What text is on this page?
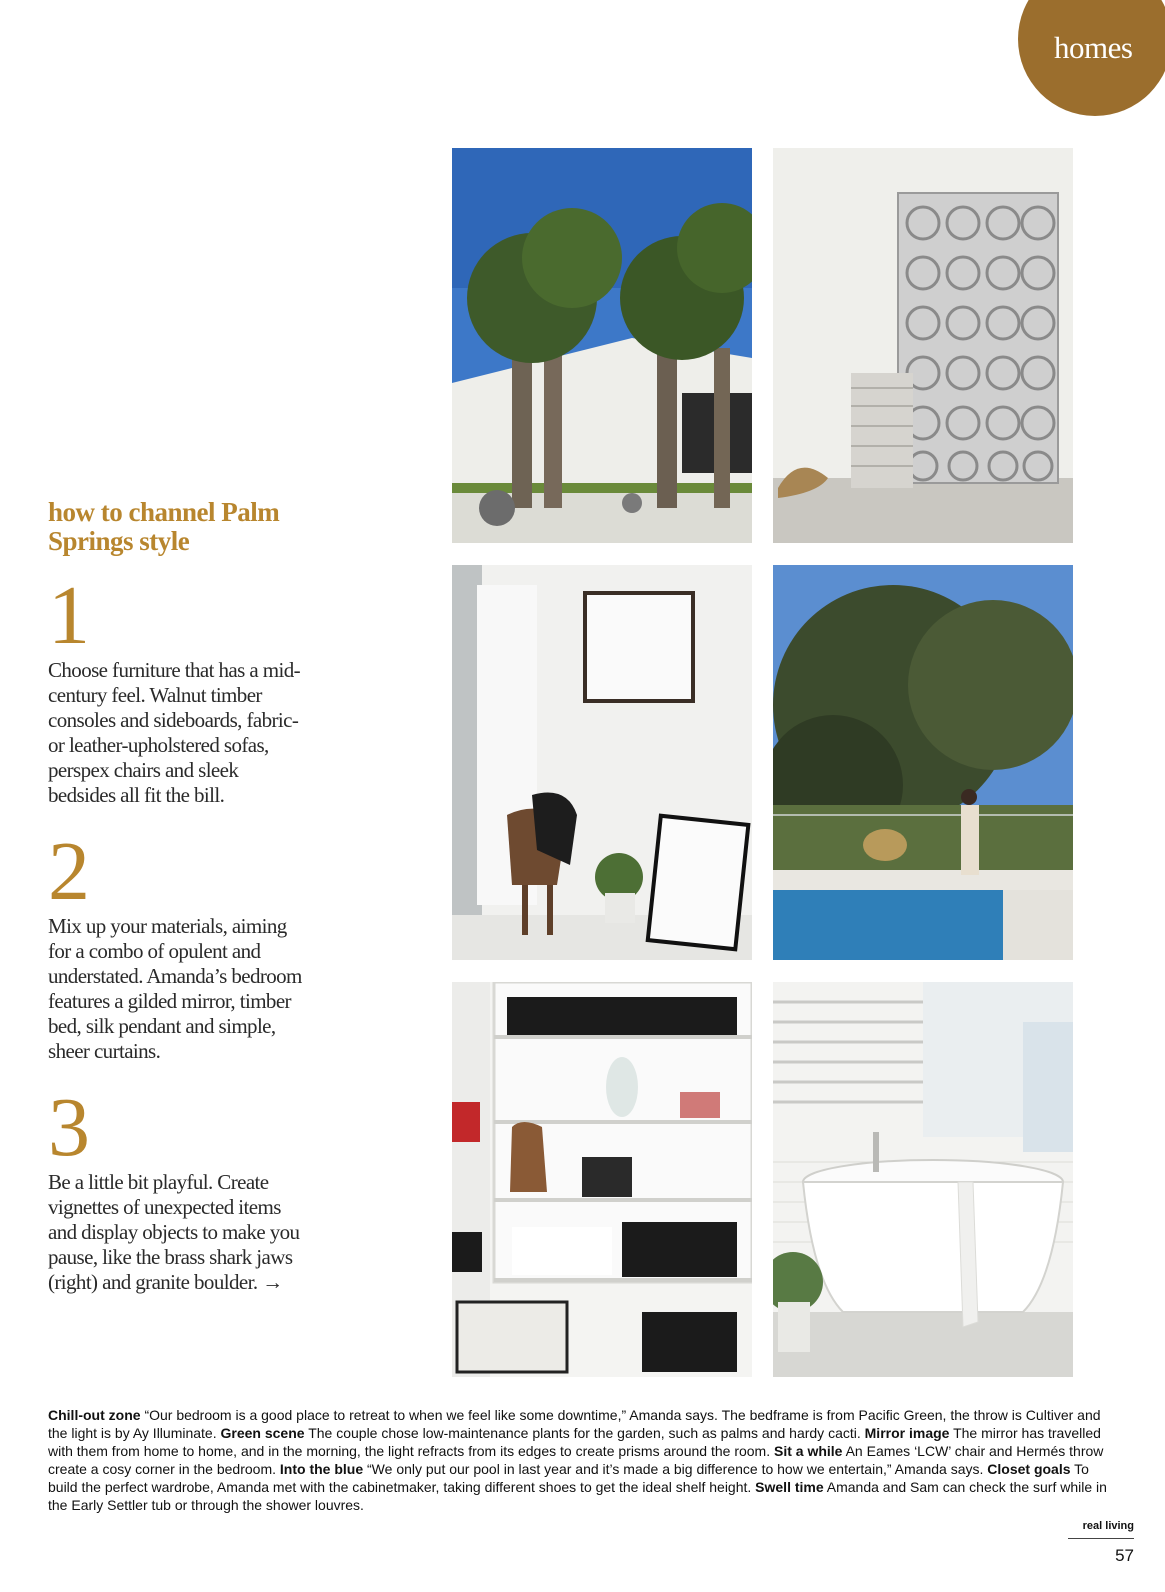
homes
how to channel Palm Springs style
1
Choose furniture that has a mid-century feel. Walnut timber consoles and sideboards, fabric- or leather-upholstered sofas, perspex chairs and sleek bedsides all fit the bill.
2
Mix up your materials, aiming for a combo of opulent and understated. Amanda’s bedroom features a gilded mirror, timber bed, silk pendant and simple, sheer curtains.
3
Be a little bit playful. Create vignettes of unexpected items and display objects to make you pause, like the brass shark jaws (right) and granite boulder. →
Chill-out zone “Our bedroom is a good place to retreat to when we feel like some downtime,” Amanda says. The bedframe is from Pacific Green, the throw is Cultiver and the light is by Ay Illuminate. Green scene The couple chose low-maintenance plants for the garden, such as palms and hardy cacti. Mirror image The mirror has travelled with them from home to home, and in the morning, the light refracts from its edges to create prisms around the room. Sit a while An Eames ‘LCW’ chair and Hermés throw create a cosy corner in the bedroom. Into the blue “We only put our pool in last year and it’s made a big difference to how we entertain,” Amanda says. Closet goals To build the perfect wardrobe, Amanda met with the cabinetmaker, taking different shoes to get the ideal shelf height. Swell time Amanda and Sam can check the surf while in the Early Settler tub or through the shower louvres.
real living
57
